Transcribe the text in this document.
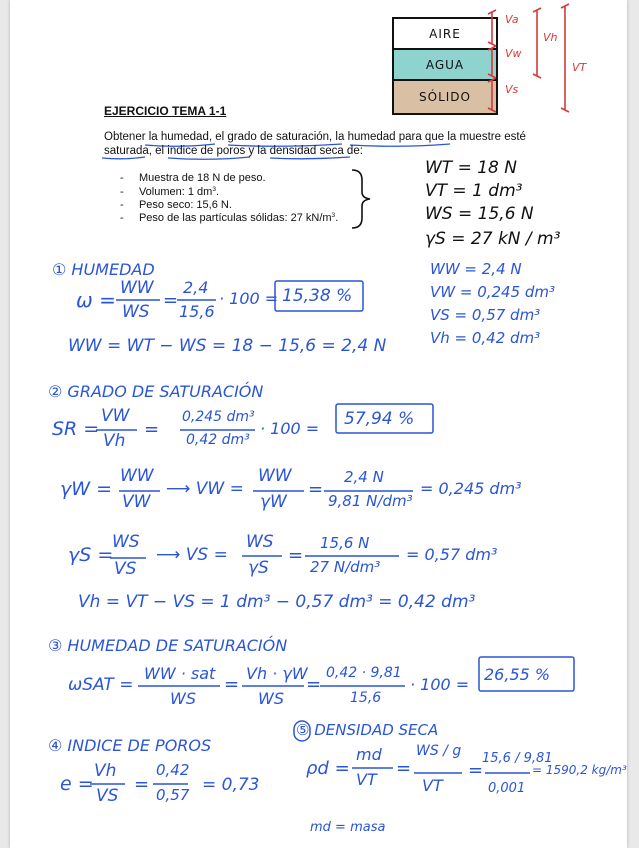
AIRE
AGUA
SÓLIDO
Va
Vw
Vs
Vh
VT
EJERCICIO TEMA 1-1
Obtener la humedad, el grado de saturación, la humedad para que la muestre esté
saturada, el indice de poros y la densidad seca de:
-     Muestra de 18 N de peso.
-     Volumen: 1 $dm^3$.
-     Peso seco: 15,6 N.
-     Peso de las partículas sólidas: 27 $kN/m^3$.
WT = 18 N
VT = 1 dm³
WS = 15,6 N
γS = 27 kN / m³
WW = 2,4 N
VW = 0,245 dm³
VS = 0,57 dm³
Vh = 0,42 dm³
① HUMEDAD
ω = WW
WS
=
2,4
15,6
· 100 = 15,38 %
WW = WT − WS = 18 − 15,6 = 2,4 N
② GRADO DE SATURACIÓN
SR =
VW
Vh
=
0,245 dm³
0,42 dm³
· 100 = 57,94 %
γW =
WW
VW
⟶ VW =
WW
γW
=
2,4 N
9,81 N/dm³
= 0,245 dm³
γS =
WS
VS
⟶ VS =
WS
γS
=
15,6 N
27 N/dm³
= 0,57 dm³
Vh = VT − VS = 1 dm³ − 0,57 dm³ = 0,42 dm³
③ HUMEDAD DE SATURACIÓN
ωSAT =
WW · sat
WS
=
Vh · γW
WS
=
0,42 · 9,81
15,6
· 100 =
26,55 %
④ INDICE DE POROS
e =
Vh
VS
=
0,42
0,57 = 0,73
⑤ DENSIDAD SECA
ρd =
md
VT
=
WS / g
VT
=
15,6 / 9,81
0,001
= 1590,2 kg/m³
md = masa
